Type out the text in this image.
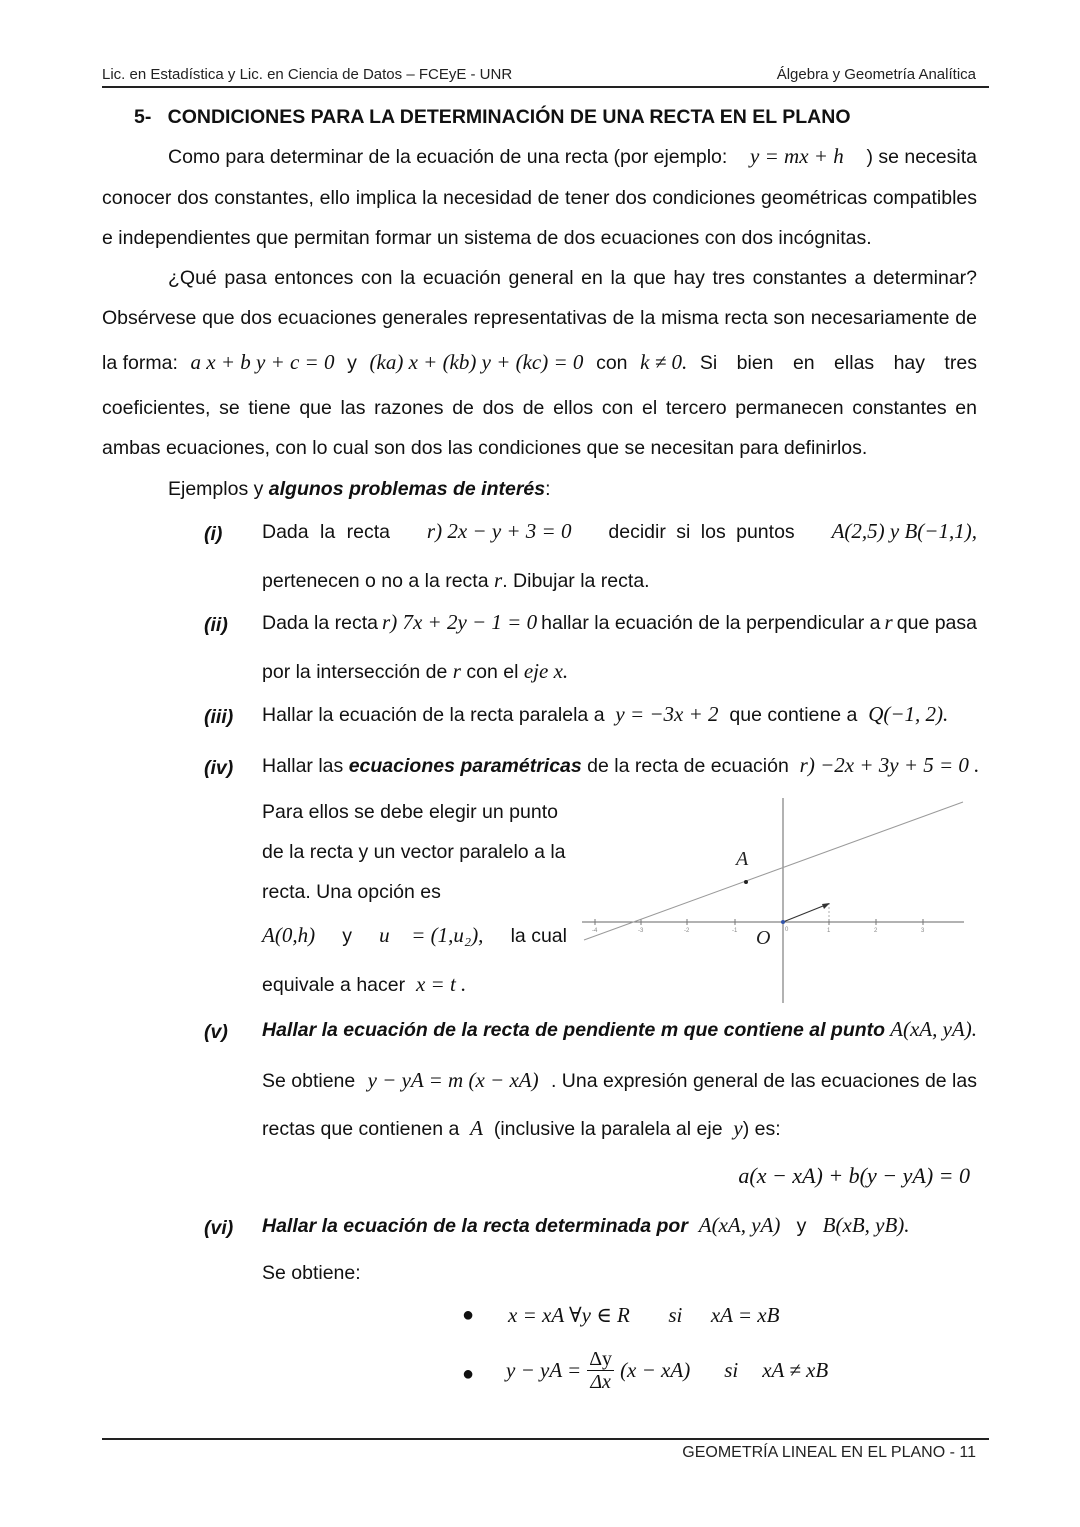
Lic. en Estadística y Lic. en Ciencia de Datos – FCEyE - UNR	Álgebra y Geometría Analítica
5- CONDICIONES PARA LA DETERMINACIÓN DE UNA RECTA EN EL PLANO
Como para determinar de la ecuación de una recta (por ejemplo: y = mx + h ) se necesita
conocer dos constantes, ello implica la necesidad de tener dos condiciones geométricas compatibles
e independientes que permitan formar un sistema de dos ecuaciones con dos incógnitas.
¿Qué pasa entonces con la ecuación general en la que hay tres constantes a determinar?
Obsérvese que dos ecuaciones generales representativas de la misma recta son necesariamente de
la forma: a x + b y + c = 0 y (ka) x + (kb) y + (kc) = 0 con k ≠ 0. Si bien en ellas hay tres
coeficientes, se tiene que las razones de dos de ellos con el tercero permanecen constantes en
ambas ecuaciones, con lo cual son dos las condiciones que se necesitan para definirlos.
Ejemplos y algunos problemas de interés:
(i) Dada la recta r) 2x − y + 3 = 0 decidir si los puntos A(2,5) y B(−1,1),
pertenecen o no a la recta r. Dibujar la recta.
(ii) Dada la recta r) 7x + 2y − 1 = 0 hallar la ecuación de la perpendicular a r que pasa
por la intersección de r con el eje x.
(iii) Hallar la ecuación de la recta paralela a y = −3x + 2 que contiene a Q(−1, 2).
(iv) Hallar las ecuaciones paramétricas de la recta de ecuación r) −2x + 3y + 5 = 0 .
Para ellos se debe elegir un punto
de la recta y un vector paralelo a la
recta. Una opción es
A(0,h) y u⃗ = (1,u₂), la cual
equivale a hacer x = t .
-4	-3	-2	-1	0	1	2	3
A
O
(v) Hallar la ecuación de la recta de pendiente m que contiene al punto A(xA, yA).
Se obtiene y − yA = m (x − xA) . Una expresión general de las ecuaciones de las
rectas que contienen a A (inclusive la paralela al eje y) es:
a(x − xA) + b(y − yA) = 0
(vi) Hallar la ecuación de la recta determinada por A(xA, yA) y B(xB, yB).
Se obtiene:
● x = xA ∀y ∈ R si xA = xB
● y − yA = $\frac{\Delta y}{\Delta x} (x - xA)$ si xA ≠ xB
GEOMETRÍA LINEAL EN EL PLANO - 11
